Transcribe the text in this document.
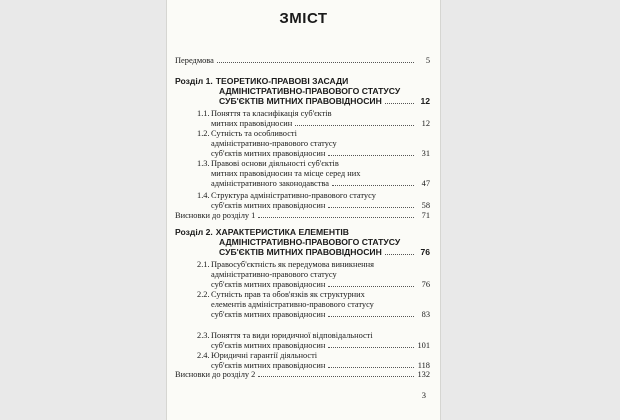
ЗМІСТ

Передмова	5
Розділ 1. ТЕОРЕТИКО-ПРАВОВІ ЗАСАДИ
АДМІНІСТРАТИВНО-ПРАВОВОГО СТАТУСУ
СУБ'ЄКТІВ МИТНИХ ПРАВОВІДНОСИН	12
1.1. Поняття та класифікація суб'єктів
митних правовідносин	12
1.2. Сутність та особливості
адміністративно-правового статусу
суб'єктів митних правовідносин	31
1.3. Правові основи діяльності суб'єктів
митних правовідносин та місце серед них
адміністративного законодавства	47
1.4. Структура адміністративно-правового статусу
суб'єктів митних правовідносин	58
Висновки до розділу 1	71
Розділ 2. ХАРАКТЕРИСТИКА ЕЛЕМЕНТІВ
АДМІНІСТРАТИВНО-ПРАВОВОГО СТАТУСУ
СУБ'ЄКТІВ МИТНИХ ПРАВОВІДНОСИН	76
2.1. Правосуб'єктність як передумова виникнення
адміністративно-правового статусу
суб'єктів митних правовідносин	76
2.2. Сутність прав та обов'язків як структурних
елементів адміністративно-правового статусу
суб'єктів митних правовідносин	83
2.3. Поняття та види юридичної відповідальності
суб'єктів митних правовідносин	101
2.4. Юридичні гарантії діяльності
суб'єктів митних правовідносин	118
Висновки до розділу 2	132
3
